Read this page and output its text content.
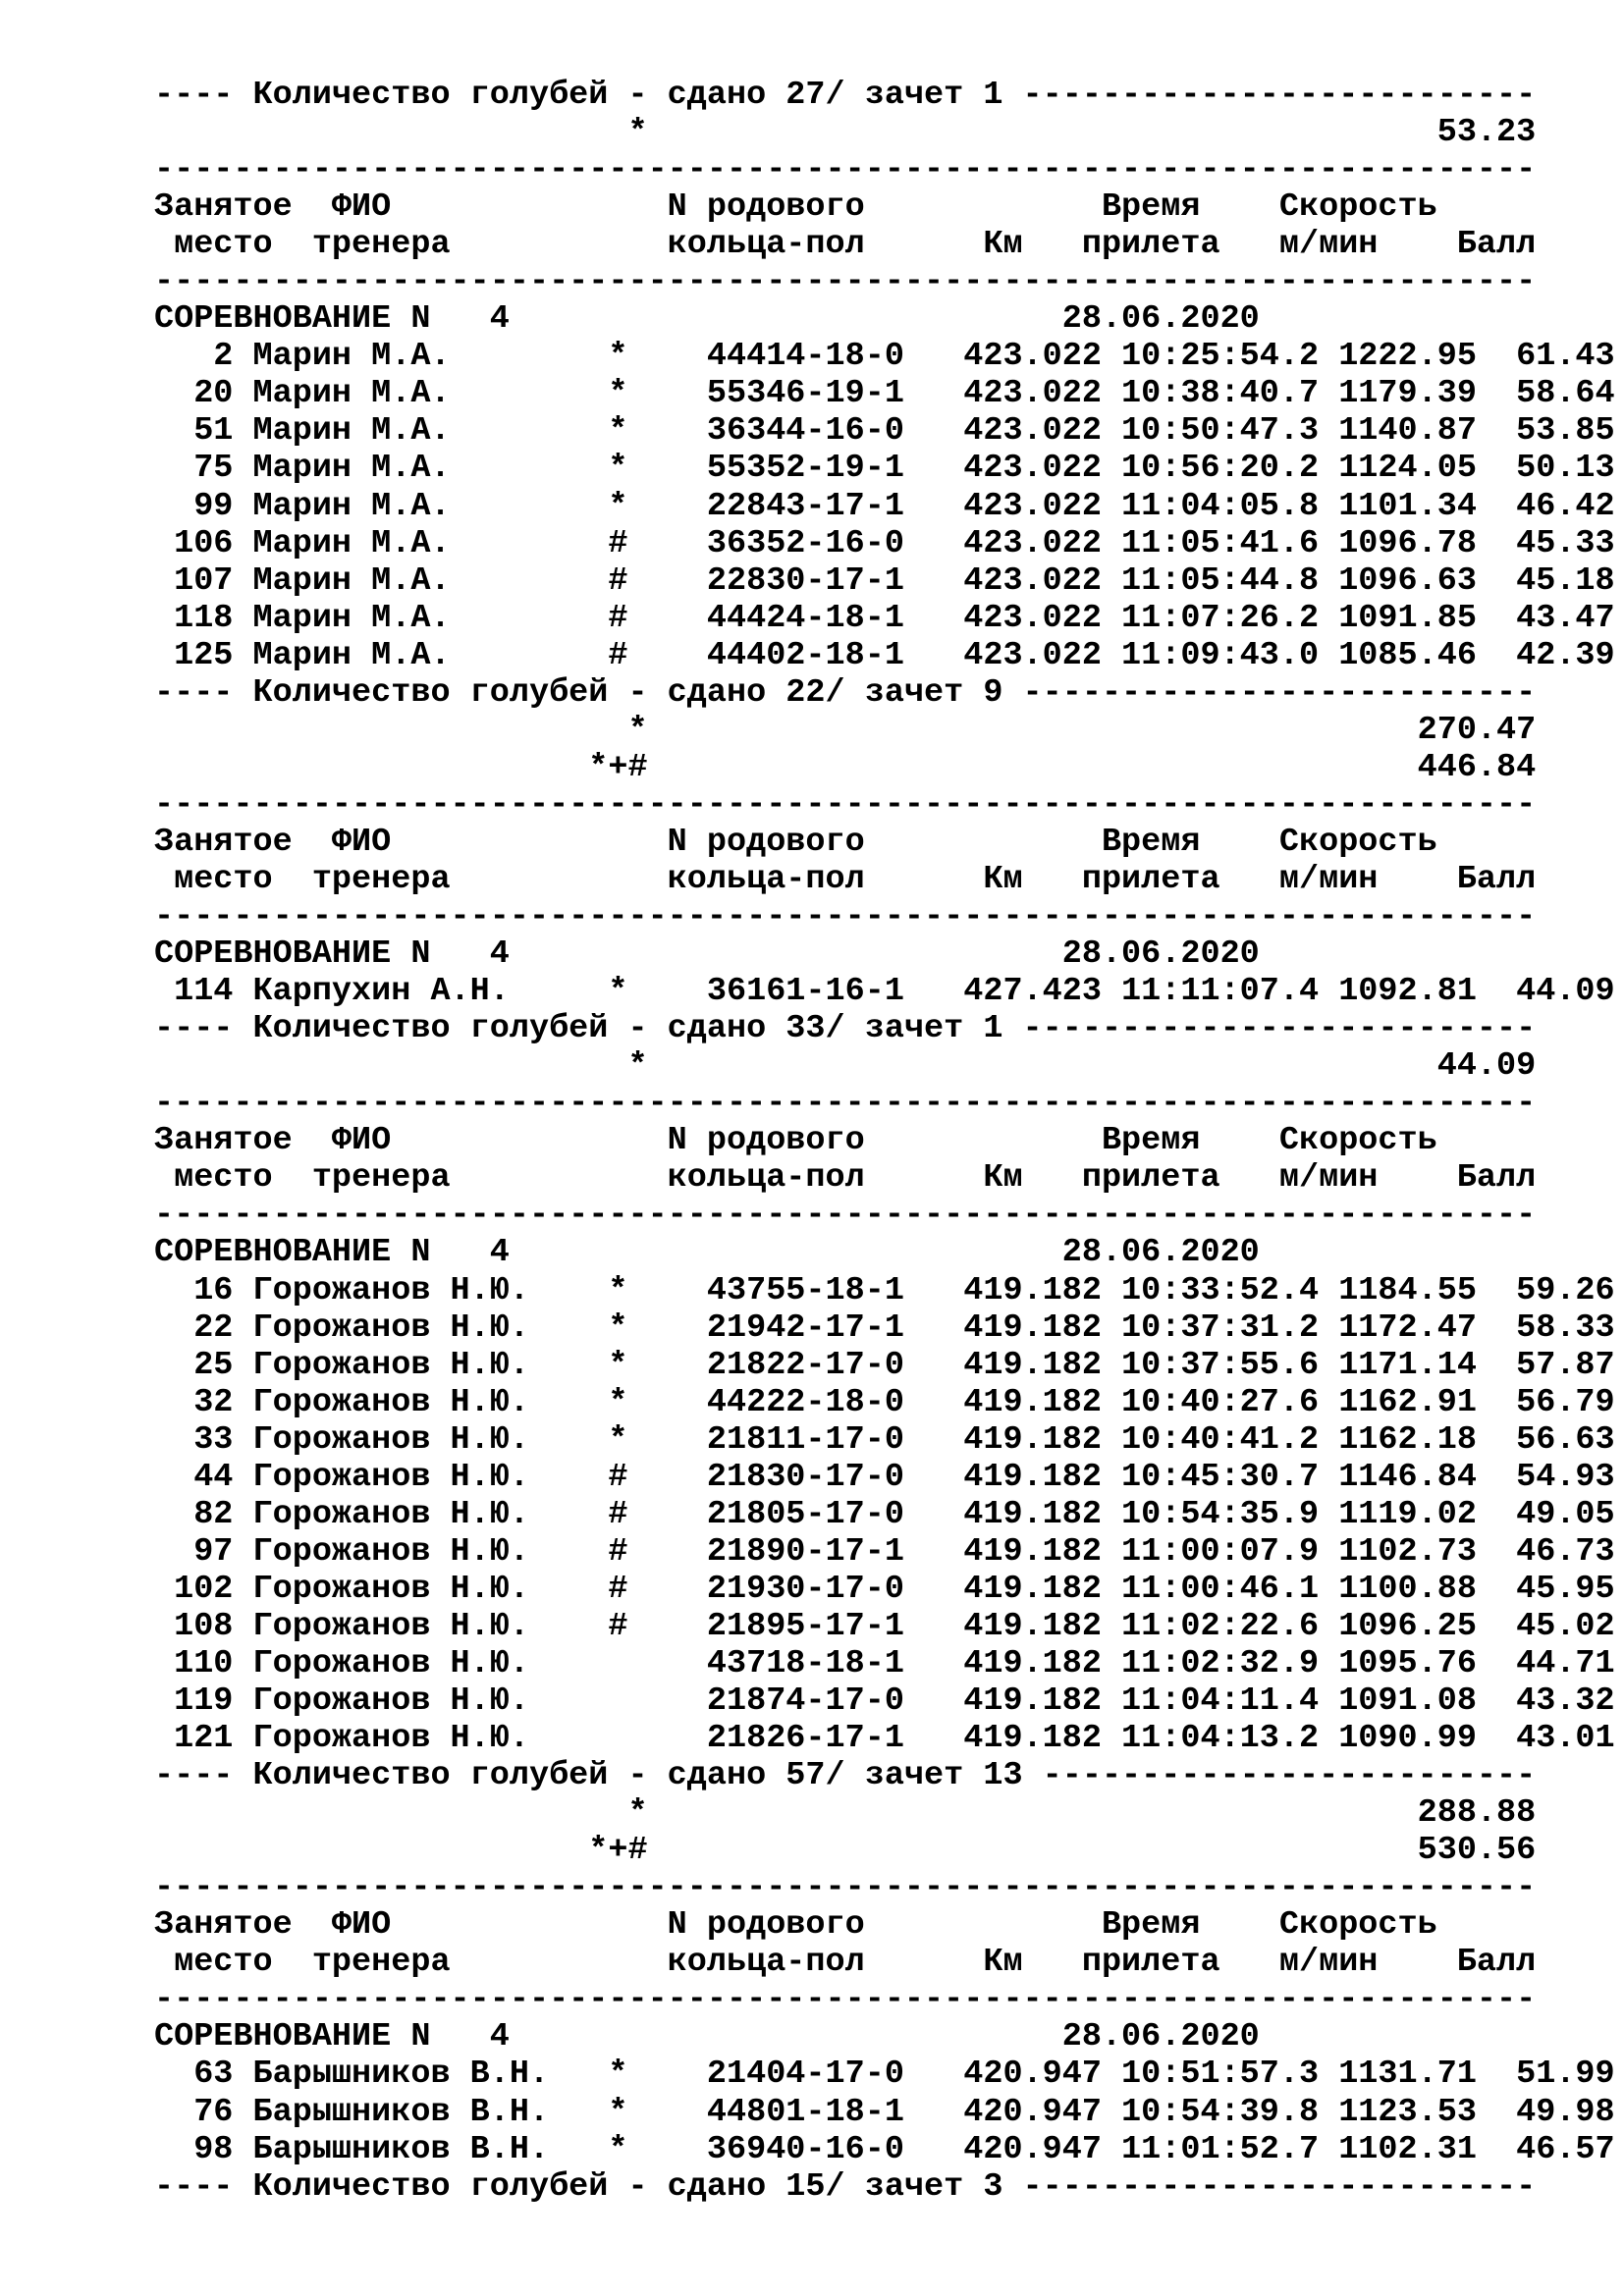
---- Количество голубей - сдано 27/ зачет 1 --------------------------
*                                        53.23
----------------------------------------------------------------------
Занятое  ФИО              N родового            Время    Скорость
место  тренера           кольца-пол      Км   прилета   м/мин    Балл
----------------------------------------------------------------------
СОРЕВНОВАНИЕ N   4                            28.06.2020
2 Марин М.А.        *    44414-18-0   423.022 10:25:54.2 1222.95  61.43
20 Марин М.А.        *    55346-19-1   423.022 10:38:40.7 1179.39  58.64
51 Марин М.А.        *    36344-16-0   423.022 10:50:47.3 1140.87  53.85
75 Марин М.А.        *    55352-19-1   423.022 10:56:20.2 1124.05  50.13
99 Марин М.А.        *    22843-17-1   423.022 11:04:05.8 1101.34  46.42
106 Марин М.А.        #    36352-16-0   423.022 11:05:41.6 1096.78  45.33
107 Марин М.А.        #    22830-17-1   423.022 11:05:44.8 1096.63  45.18
118 Марин М.А.        #    44424-18-1   423.022 11:07:26.2 1091.85  43.47
125 Марин М.А.        #    44402-18-1   423.022 11:09:43.0 1085.46  42.39
---- Количество голубей - сдано 22/ зачет 9 --------------------------
*                                       270.47
*+#                                       446.84
----------------------------------------------------------------------
Занятое  ФИО              N родового            Время    Скорость
место  тренера           кольца-пол      Км   прилета   м/мин    Балл
----------------------------------------------------------------------
СОРЕВНОВАНИЕ N   4                            28.06.2020
114 Карпухин А.Н.     *    36161-16-1   427.423 11:11:07.4 1092.81  44.09
---- Количество голубей - сдано 33/ зачет 1 --------------------------
*                                        44.09
----------------------------------------------------------------------
Занятое  ФИО              N родового            Время    Скорость
место  тренера           кольца-пол      Км   прилета   м/мин    Балл
----------------------------------------------------------------------
СОРЕВНОВАНИЕ N   4                            28.06.2020
16 Горожанов Н.Ю.    *    43755-18-1   419.182 10:33:52.4 1184.55  59.26
22 Горожанов Н.Ю.    *    21942-17-1   419.182 10:37:31.2 1172.47  58.33
25 Горожанов Н.Ю.    *    21822-17-0   419.182 10:37:55.6 1171.14  57.87
32 Горожанов Н.Ю.    *    44222-18-0   419.182 10:40:27.6 1162.91  56.79
33 Горожанов Н.Ю.    *    21811-17-0   419.182 10:40:41.2 1162.18  56.63
44 Горожанов Н.Ю.    #    21830-17-0   419.182 10:45:30.7 1146.84  54.93
82 Горожанов Н.Ю.    #    21805-17-0   419.182 10:54:35.9 1119.02  49.05
97 Горожанов Н.Ю.    #    21890-17-1   419.182 11:00:07.9 1102.73  46.73
102 Горожанов Н.Ю.    #    21930-17-0   419.182 11:00:46.1 1100.88  45.95
108 Горожанов Н.Ю.    #    21895-17-1   419.182 11:02:22.6 1096.25  45.02
110 Горожанов Н.Ю.         43718-18-1   419.182 11:02:32.9 1095.76  44.71
119 Горожанов Н.Ю.         21874-17-0   419.182 11:04:11.4 1091.08  43.32
121 Горожанов Н.Ю.         21826-17-1   419.182 11:04:13.2 1090.99  43.01
---- Количество голубей - сдано 57/ зачет 13 -------------------------
*                                       288.88
*+#                                       530.56
----------------------------------------------------------------------
Занятое  ФИО              N родового            Время    Скорость
место  тренера           кольца-пол      Км   прилета   м/мин    Балл
----------------------------------------------------------------------
СОРЕВНОВАНИЕ N   4                            28.06.2020
63 Барышников В.Н.   *    21404-17-0   420.947 10:51:57.3 1131.71  51.99
76 Барышников В.Н.   *    44801-18-1   420.947 10:54:39.8 1123.53  49.98
98 Барышников В.Н.   *    36940-16-0   420.947 11:01:52.7 1102.31  46.57
---- Количество голубей - сдано 15/ зачет 3 --------------------------
